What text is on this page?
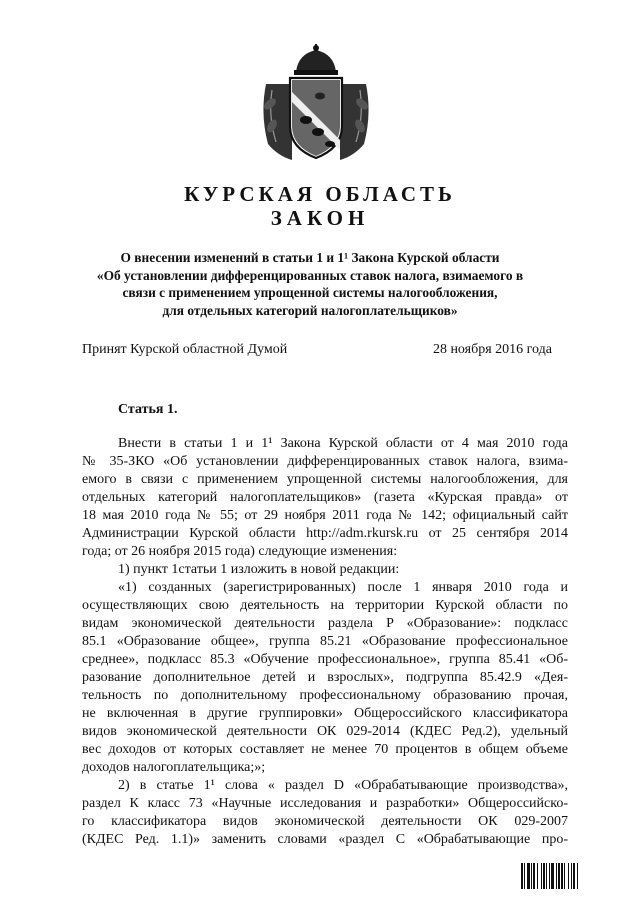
КУРСКАЯ ОБЛАСТЬ
ЗАКОН
О внесении изменений в статьи 1 и 1¹ Закона Курской области
«Об установлении дифференцированных ставок налога, взимаемого в
связи с применением упрощенной системы налогообложения,
для отдельных категорий налогоплательщиков»
Принят Курской областной Думой	28 ноября 2016 года
Статья 1.
Внести в статьи 1 и 1¹ Закона Курской области от 4 мая 2010 года
№ 35-ЗКО «Об установлении дифференцированных ставок налога, взима-
емого в связи с применением упрощенной системы налогообложения, для
отдельных категорий налогоплательщиков» (газета «Курская правда» от
18 мая 2010 года № 55; от 29 ноября 2011 года № 142; официальный сайт
Администрации Курской области http://adm.rkursk.ru от 25 сентября 2014
года; от 26 ноября 2015 года) следующие изменения:
1) пункт 1статьи 1 изложить в новой редакции:
«1) созданных (зарегистрированных) после 1 января 2010 года и
осуществляющих свою деятельность на территории Курской области по
видам экономической деятельности раздела P «Образование»: подкласс
85.1 «Образование общее», группа 85.21 «Образование профессиональное
среднее», подкласс 85.3 «Обучение профессиональное», группа 85.41 «Об-
разование дополнительное детей и взрослых», подгруппа 85.42.9 «Дея-
тельность по дополнительному профессиональному образованию прочая,
не включенная в другие группировки» Общероссийского классификатора
видов экономической деятельности ОК 029-2014 (КДЕС Ред.2), удельный
вес доходов от которых составляет не менее 70 процентов в общем объеме
доходов налогоплательщика;»;
2) в статье 1¹ слова « раздел D «Обрабатывающие производства»,
раздел К класс 73 «Научные исследования и разработки» Общероссийско-
го классификатора видов экономической деятельности ОК 029-2007
(КДЕС Ред. 1.1)» заменить словами «раздел С «Обрабатывающие про-
